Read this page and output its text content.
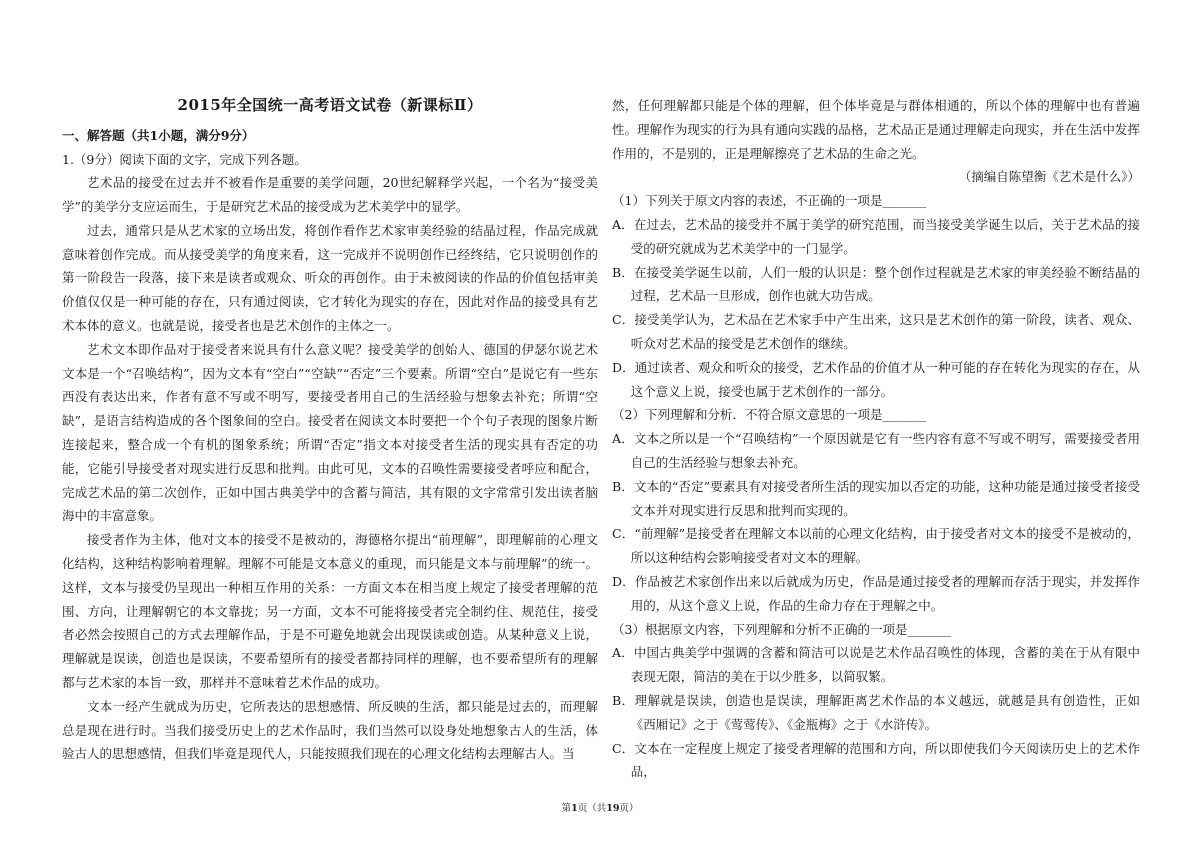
2015年全国统一高考语文试卷（新课标Ⅱ）

一、解答题（共1小题，满分9分）

1.（9分）阅读下面的文字，完成下列各题。

艺术品的接受在过去并不被看作是重要的美学问题，20世纪解释学兴起，一个名为“接受美学”的美学分支应运而生，于是研究艺术品的接受成为艺术美学中的显学。

过去，通常只是从艺术家的立场出发，将创作看作艺术家审美经验的结晶过程，作品完成就意味着创作完成。而从接受美学的角度来看，这一完成并不说明创作已经终结，它只说明创作的第一阶段告一段落，接下来是读者或观众、听众的再创作。由于未被阅读的作品的价值包括审美价值仅仅是一种可能的存在，只有通过阅读，它才转化为现实的存在，因此对作品的接受具有艺术本体的意义。也就是说，接受者也是艺术创作的主体之一。

艺术文本即作品对于接受者来说具有什么意义呢？接受美学的创始人、德国的伊瑟尔说艺术文本是一个“召唤结构”，因为文本有“空白”“空缺”“否定”三个要素。所谓“空白”是说它有一些东西没有表达出来，作者有意不写或不明写，要接受者用自己的生活经验与想象去补充；所谓“空缺”，是语言结构造成的各个图象间的空白。接受者在阅读文本时要把一个个句子表现的图象片断连接起来，整合成一个有机的图象系统；所谓“否定”指文本对接受者生活的现实具有否定的功能，它能引导接受者对现实进行反思和批判。由此可见，文本的召唤性需要接受者呼应和配合，完成艺术品的第二次创作，正如中国古典美学中的含蓄与简洁，其有限的文字常常引发出读者脑海中的丰富意象。

接受者作为主体，他对文本的接受不是被动的，海德格尔提出“前理解”，即理解前的心理文化结构，这种结构影响着理解。理解不可能是文本意义的重现，而只能是文本与前理解”的统一。这样，文本与接受仍呈现出一种相互作用的关系：一方面文本在相当度上规定了接受者理解的范围、方向，让理解朝它的本文靠拢；另一方面，文本不可能将接受者完全制约住、规范住，接受者必然会按照自己的方式去理解作品，于是不可避免地就会出现误读或创造。从某种意义上说，理解就是误读，创造也是误读，不要希望所有的接受者都持同样的理解，也不要希望所有的理解都与艺术家的本旨一致，那样并不意味着艺术作品的成功。

文本一经产生就成为历史，它所表达的思想感情、所反映的生活，都只能是过去的，而理解总是现在进行时。当我们接受历史上的艺术作品时，我们当然可以设身处地想象古人的生活，体验古人的思想感情，但我们毕竟是现代人，只能按照我们现在的心理文化结构去理解古人。当

然，任何理解都只能是个体的理解，但个体毕竟是与群体相通的，所以个体的理解中也有普遍性。理解作为现实的行为具有通向实践的品格，艺术品正是通过理解走向现实，并在生活中发挥作用的，不是别的，正是理解擦亮了艺术品的生命之光。

（摘编自陈望衡《艺术是什么》）

（1）下列关于原文内容的表述，不正确的一项是_______

A．在过去，艺术品的接受并不属于美学的研究范围，而当接受美学诞生以后，关于艺术品的接受的研究就成为艺术美学中的一门显学。

B．在接受美学诞生以前，人们一般的认识是：整个创作过程就是艺术家的审美经验不断结晶的过程，艺术品一旦形成，创作也就大功告成。

C．接受美学认为，艺术品在艺术家手中产生出来，这只是艺术创作的第一阶段，读者、观众、听众对艺术品的接受是艺术创作的继续。

D．通过读者、观众和听众的接受，艺术作品的价值才从一种可能的存在转化为现实的存在，从这个意义上说，接受也属于艺术创作的一部分。

（2）下列理解和分析．不符合原文意思的一项是_______

A．文本之所以是一个“召唤结构”一个原因就是它有一些内容有意不写或不明写，需要接受者用自己的生活经验与想象去补充。

B．文本的“否定”要素具有对接受者所生活的现实加以否定的功能，这种功能是通过接受者接受文本并对现实进行反思和批判而实现的。

C．“前理解”是接受者在理解文本以前的心理文化结构，由于接受者对文本的接受不是被动的，所以这种结构会影响接受者对文本的理解。

D．作品被艺术家创作出来以后就成为历史，作品是通过接受者的理解而存活于现实，并发挥作用的，从这个意义上说，作品的生命力存在于理解之中。

（3）根据原文内容，下列理解和分析不正确的一项是_______

A．中国古典美学中强调的含蓄和简洁可以说是艺术作品召唤性的体现，含蓄的美在于从有限中表现无限，简洁的美在于以少胜多，以简驭繁。

B．理解就是误读，创造也是误读，理解距离艺术作品的本义越远，就越是具有创造性，正如《西厢记》之于《莺莺传》、《金瓶梅》之于《水浒传》。

C．文本在一定程度上规定了接受者理解的范围和方向，所以即使我们今天阅读历史上的艺术作品，

第1页（共19页）
